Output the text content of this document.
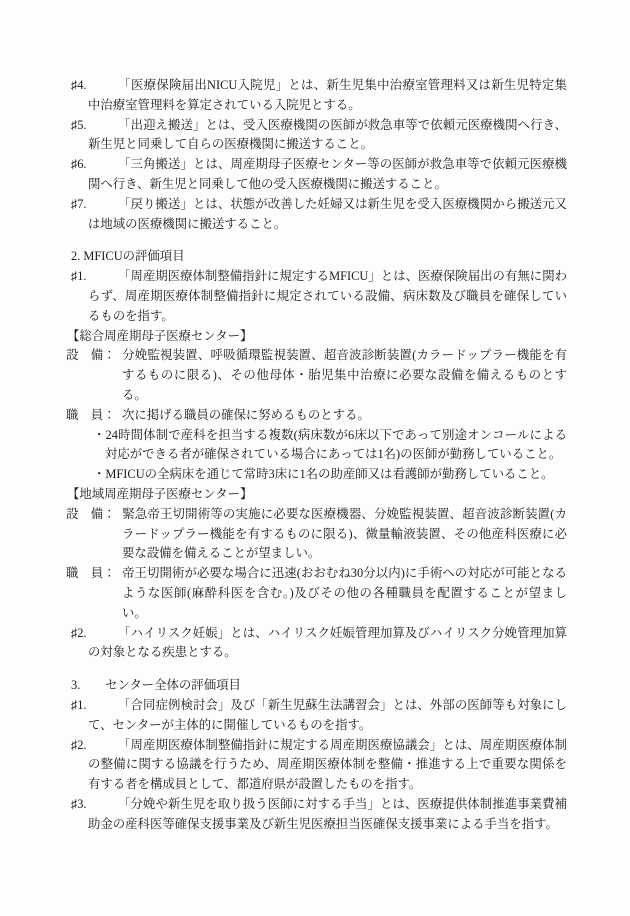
♯4.	「医療保険届出NICU入院児」とは、新生児集中治療室管理料又は新生児特定集中治療室管理料を算定されている入院児とする。

♯5.	「出迎え搬送」とは、受入医療機関の医師が救急車等で依頼元医療機関へ行き、新生児と同乗して自らの医療機関に搬送すること。

♯6.	「三角搬送」とは、周産期母子医療センター等の医師が救急車等で依頼元医療機関へ行き、新生児と同乗して他の受入医療機関に搬送すること。

♯7.	「戻り搬送」とは、状態が改善した妊婦又は新生児を受入医療機関から搬送元又は地域の医療機関に搬送すること。

2. MFICUの評価項目

♯1.	「周産期医療体制整備指針に規定するMFICU」とは、医療保険届出の有無に関わらず、周産期医療体制整備指針に規定されている設備、病床数及び職員を確保しているものを指す。

【総合周産期母子医療センター】

設　備： 分娩監視装置、呼吸循環監視装置、超音波診断装置(カラードップラー機能を有するものに限る)、その他母体・胎児集中治療に必要な設備を備えるものとする。

職　員： 次に掲げる職員の確保に努めるものとする。

・24時間体制で産科を担当する複数(病床数が6床以下であって別途オンコールによる対応ができる者が確保されている場合にあっては1名)の医師が勤務していること。

・MFICUの全病床を通じて常時3床に1名の助産師又は看護師が勤務していること。

【地域周産期母子医療センター】

設　備： 緊急帝王切開術等の実施に必要な医療機器、分娩監視装置、超音波診断装置(カラードップラー機能を有するものに限る)、微量輸液装置、その他産科医療に必要な設備を備えることが望ましい。

職　員： 帝王切開術が必要な場合に迅速(おおむね30分以内)に手術への対応が可能となるような医師(麻酔科医を含む。)及びその他の各種職員を配置することが望ましい。

♯2.	「ハイリスク妊娠」とは、ハイリスク妊娠管理加算及びハイリスク分娩管理加算の対象となる疾患とする。

3.　　センター全体の評価項目

♯1.	「合同症例検討会」及び「新生児蘇生法講習会」とは、外部の医師等も対象にして、センターが主体的に開催しているものを指す。

♯2.	「周産期医療体制整備指針に規定する周産期医療協議会」とは、周産期医療体制の整備に関する協議を行うため、周産期医療体制を整備・推進する上で重要な関係を有する者を構成員として、都道府県が設置したものを指す。

♯3.	「分娩や新生児を取り扱う医師に対する手当」とは、医療提供体制推進事業費補助金の産科医等確保支援事業及び新生児医療担当医確保支援事業による手当を指す。
